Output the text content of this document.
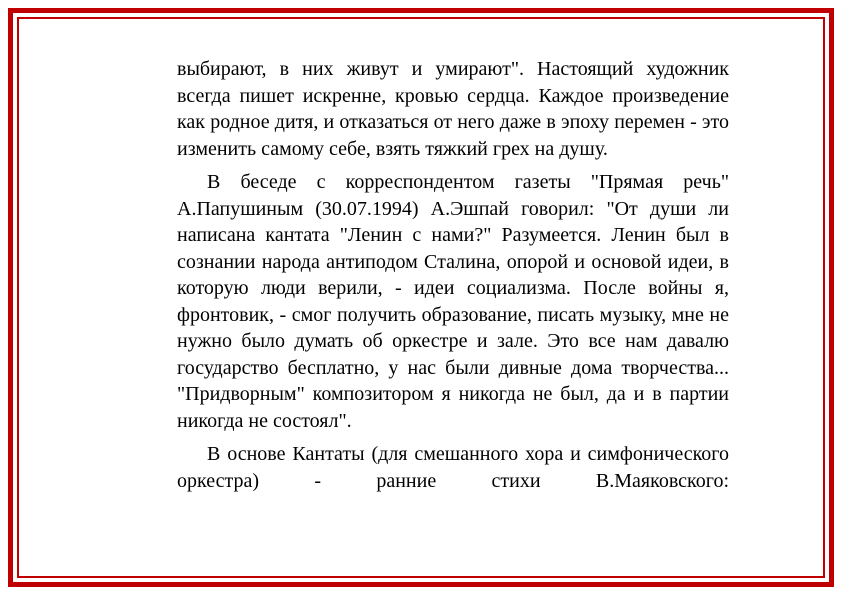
выбирают, в них живут и умирают". Настоящий художник всегда пишет искренне, кровью сердца. Каждое произведение как родное дитя, и отказаться от него даже в эпоху перемен - это изменить самому себе, взять тяжкий грех на душу.

В беседе с корреспондентом газеты "Прямая речь" А.Папушиным (30.07.1994) А.Эшпай говорил: "От души ли написана кантата "Ленин с нами?" Разумеется. Ленин был в сознании народа антиподом Сталина, опорой и основой идеи, в которую люди верили, - идеи социализма. После войны я, фронтовик, - смог получить образование, писать музыку, мне не нужно было думать об оркестре и зале. Это все нам давалю государство бесплатно, у нас были дивные дома творчества... "Придворным" композитором я никогда не был, да и в партии никогда не состоял".

В основе Кантаты (для смешанного хора и симфонического оркестра) - ранние стихи В.Маяковского:
